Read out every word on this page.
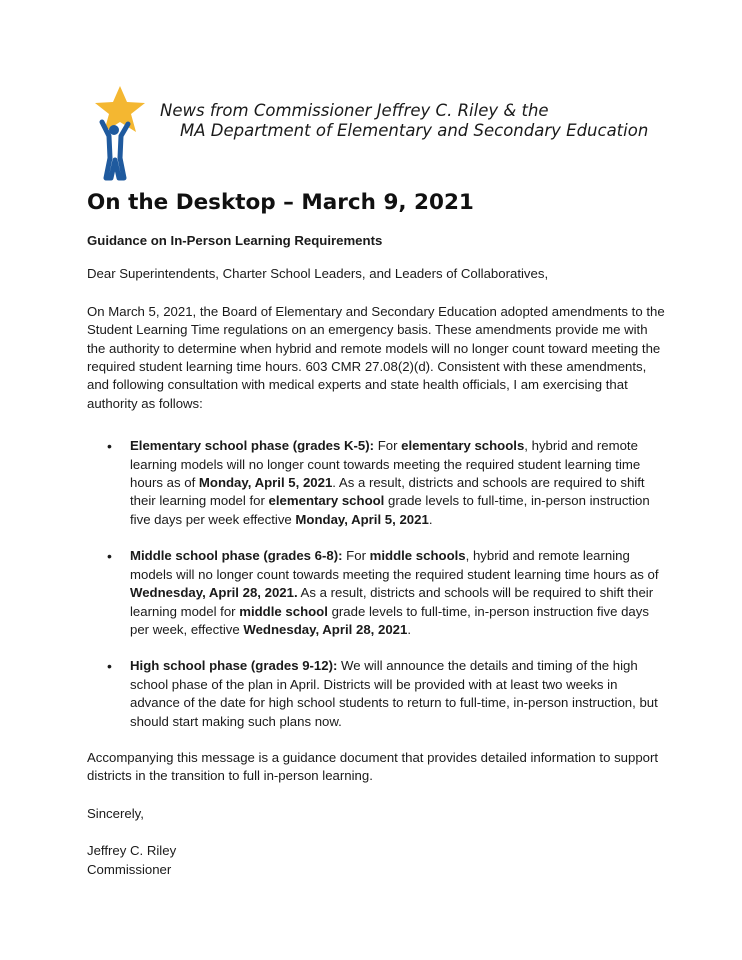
News from Commissioner Jeffrey C. Riley & the
MA Department of Elementary and Secondary Education
On the Desktop – March 9, 2021

Guidance on In-Person Learning Requirements

Dear Superintendents, Charter School Leaders, and Leaders of Collaboratives,

On March 5, 2021, the Board of Elementary and Secondary Education adopted amendments to the Student Learning Time regulations on an emergency basis. These amendments provide me with the authority to determine when hybrid and remote models will no longer count toward meeting the required student learning time hours. 603 CMR 27.08(2)(d). Consistent with these amendments, and following consultation with medical experts and state health officials, I am exercising that authority as follows:

• Elementary school phase (grades K-5): For elementary schools, hybrid and remote learning models will no longer count towards meeting the required student learning time hours as of Monday, April 5, 2021. As a result, districts and schools are required to shift their learning model for elementary school grade levels to full-time, in-person instruction five days per week effective Monday, April 5, 2021.
• Middle school phase (grades 6-8): For middle schools, hybrid and remote learning models will no longer count towards meeting the required student learning time hours as of Wednesday, April 28, 2021. As a result, districts and schools will be required to shift their learning model for middle school grade levels to full-time, in-person instruction five days per week, effective Wednesday, April 28, 2021.
• High school phase (grades 9-12): We will announce the details and timing of the high school phase of the plan in April. Districts will be provided with at least two weeks in advance of the date for high school students to return to full-time, in-person instruction, but should start making such plans now.

Accompanying this message is a guidance document that provides detailed information to support districts in the transition to full in-person learning.

Sincerely,

Jeffrey C. Riley

Commissioner
